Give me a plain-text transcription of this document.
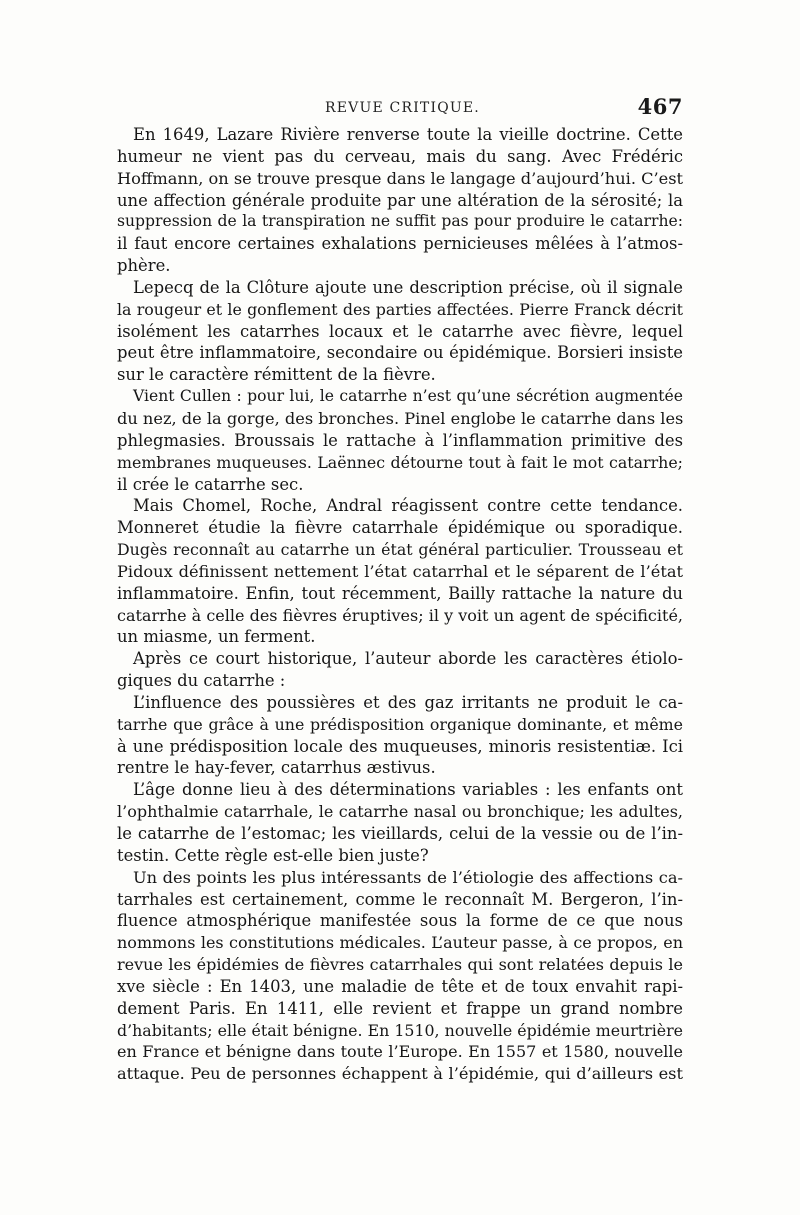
REVUE CRITIQUE.	467
En 1649, Lazare Rivière renverse toute la vieille doctrine. Cette
humeur ne vient pas du cerveau, mais du sang. Avec Frédéric
Hoffmann, on se trouve presque dans le langage d’aujourd’hui. C’est
une affection générale produite par une altération de la sérosité; la
suppression de la transpiration ne suffit pas pour produire le catarrhe:
il faut encore certaines exhalations pernicieuses mêlées à l’atmos-
phère.
Lepecq de la Clôture ajoute une description précise, où il signale
la rougeur et le gonflement des parties affectées. Pierre Franck décrit
isolément les catarrhes locaux et le catarrhe avec fièvre, lequel
peut être inflammatoire, secondaire ou épidémique. Borsieri insiste
sur le caractère rémittent de la fièvre.
Vient Cullen : pour lui, le catarrhe n’est qu’une sécrétion augmentée
du nez, de la gorge, des bronches. Pinel englobe le catarrhe dans les
phlegmasies. Broussais le rattache à l’inflammation primitive des
membranes muqueuses. Laënnec détourne tout à fait le mot catarrhe;
il crée le catarrhe sec.
Mais Chomel, Roche, Andral réagissent contre cette tendance.
Monneret étudie la fièvre catarrhale épidémique ou sporadique.
Dugès reconnaît au catarrhe un état général particulier. Trousseau et
Pidoux définissent nettement l’état catarrhal et le séparent de l’état
inflammatoire. Enfin, tout récemment, Bailly rattache la nature du
catarrhe à celle des fièvres éruptives; il y voit un agent de spécificité,
un miasme, un ferment.
Après ce court historique, l’auteur aborde les caractères étiolo-
giques du catarrhe :
L’influence des poussières et des gaz irritants ne produit le ca-
tarrhe que grâce à une prédisposition organique dominante, et même
à une prédisposition locale des muqueuses, minoris resistentiæ. Ici
rentre le hay-fever, catarrhus æstivus.
L’âge donne lieu à des déterminations variables : les enfants ont
l’ophthalmie catarrhale, le catarrhe nasal ou bronchique; les adultes,
le catarrhe de l’estomac; les vieillards, celui de la vessie ou de l’in-
testin. Cette règle est-elle bien juste?
Un des points les plus intéressants de l’étiologie des affections ca-
tarrhales est certainement, comme le reconnaît M. Bergeron, l’in-
fluence atmosphérique manifestée sous la forme de ce que nous
nommons les constitutions médicales. L’auteur passe, à ce propos, en
revue les épidémies de fièvres catarrhales qui sont relatées depuis le
xve siècle : En 1403, une maladie de tête et de toux envahit rapi-
dement Paris. En 1411, elle revient et frappe un grand nombre
d’habitants; elle était bénigne. En 1510, nouvelle épidémie meurtrière
en France et bénigne dans toute l’Europe. En 1557 et 1580, nouvelle
attaque. Peu de personnes échappent à l’épidémie, qui d’ailleurs est
